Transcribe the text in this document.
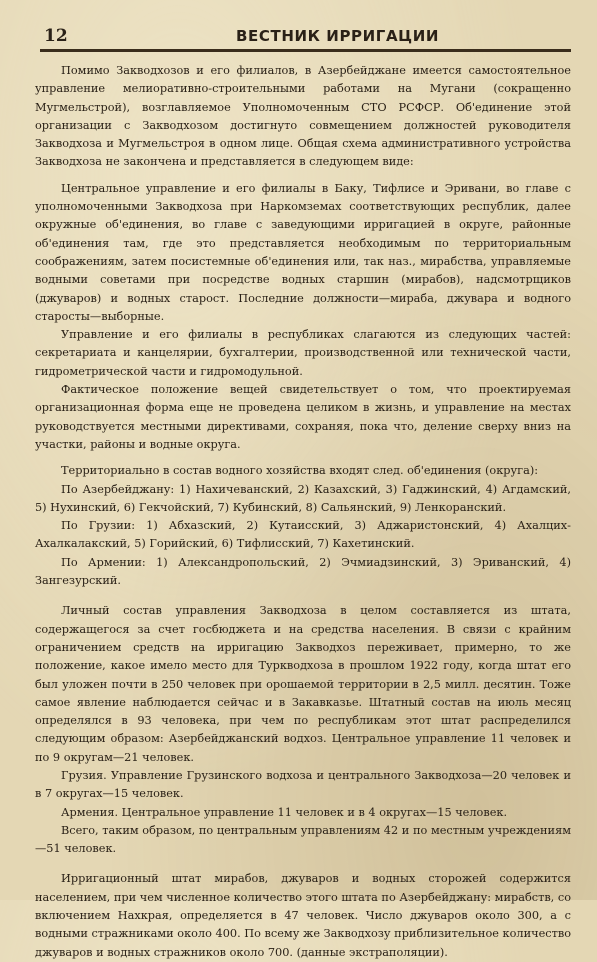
12	ВЕСТНИК ИРРИГАЦИИ

Помимо Закводхозов и его филиалов, в Азербейджане имеется самостоятельное управление мелиоративно-строительными работами на Мугани (сокращенно Мугмельстрой), возглавляемое Уполномоченным СТО РСФСР. Об'единение этой организации с Закводхозом достигнуто совмещением должностей руководителя Закводхоза и Мугмельстроя в одном лице. Общая схема административного устройства Закводхоза не закончена и представляется в следующем виде:

Центральное управление и его филиалы в Баку, Тифлисе и Эривани, во главе с уполномоченными Закводхоза при Наркомземах соответствующих республик, далее окружные об'единения, во главе с заведующими ирригацией в округе, районные об'единения там, где это представляется необходимым по территориальным соображениям, затем посистемные об'единения или, так наз., мирабства, управляемые водными советами при посредстве водных старшин (мирабов), надсмотрщиков (джуваров) и водных старост. Последние должности—мираба, джувара и водного старосты—выборные.

Управление и его филиалы в республиках слагаются из следующих частей: секретариата и канцелярии, бухгалтерии, производственной или технической части, гидрометрической части и гидромодульной.

Фактическое положение вещей свидетельствует о том, что проектируемая организационная форма еще не проведена целиком в жизнь, и управление на местах руководствуется местными директивами, сохраняя, пока что, деление сверху вниз на участки, районы и водные округа.

Территориально в состав водного хозяйства входят след. об'единения (округа):

По Азербейджану: 1) Нахичеванский, 2) Казахский, 3) Гаджинский, 4) Агдамский, 5) Нухинский, 6) Гекчойский, 7) Кубинский, 8) Сальянский, 9) Ленкоранский.

По Грузии: 1) Абхазский, 2) Кутаисский, 3) Аджаристонский, 4) Ахалцих-Ахалкалакский, 5) Горийский, 6) Тифлисский, 7) Кахетинский.

По Армении: 1) Александропольский, 2) Эчмиадзинский, 3) Эриванский, 4) Зангезурский.

Личный состав управления Закводхоза в целом составляется из штата, содержащегося за счет госбюджета и на средства населения. В связи с крайним ограничением средств на ирригацию Закводхоз переживает, примерно, то же положение, какое имело место для Турквoдхоза в прошлом 1922 году, когда штат его был уложен почти в 250 человек при орошаемой территории в 2,5 милл. десятин. Тоже самое явление наблюдается сейчас и в Закавказье. Штатный состав на июль месяц определялся в 93 человека, при чем по республикам этот штат распределился следующим образом: Азербейджанский водхоз. Центральное управление 11 человек и по 9 округам—21 человек.

Грузия. Управление Грузинского водхоза и центрального Закводхоза—20 человек и в 7 округах—15 человек.

Армения. Центральное управление 11 человек и в 4 округах—15 человек.

Всего, таким образом, по центральным управлениям 42 и по местным учреждениям—51 человек.

Ирригационный штат мирабов, джуваров и водных сторожей содержится населением, при чем численное количество этого штата по Азербейджану: мирабств, со включением Нахкрая, определяется в 47 человек. Число джуваров около 300, а с водными стражниками около 400. По всему же Закводхозу приблизительное количество джуваров и водных стражников около 700. (данные экстраполяции).
